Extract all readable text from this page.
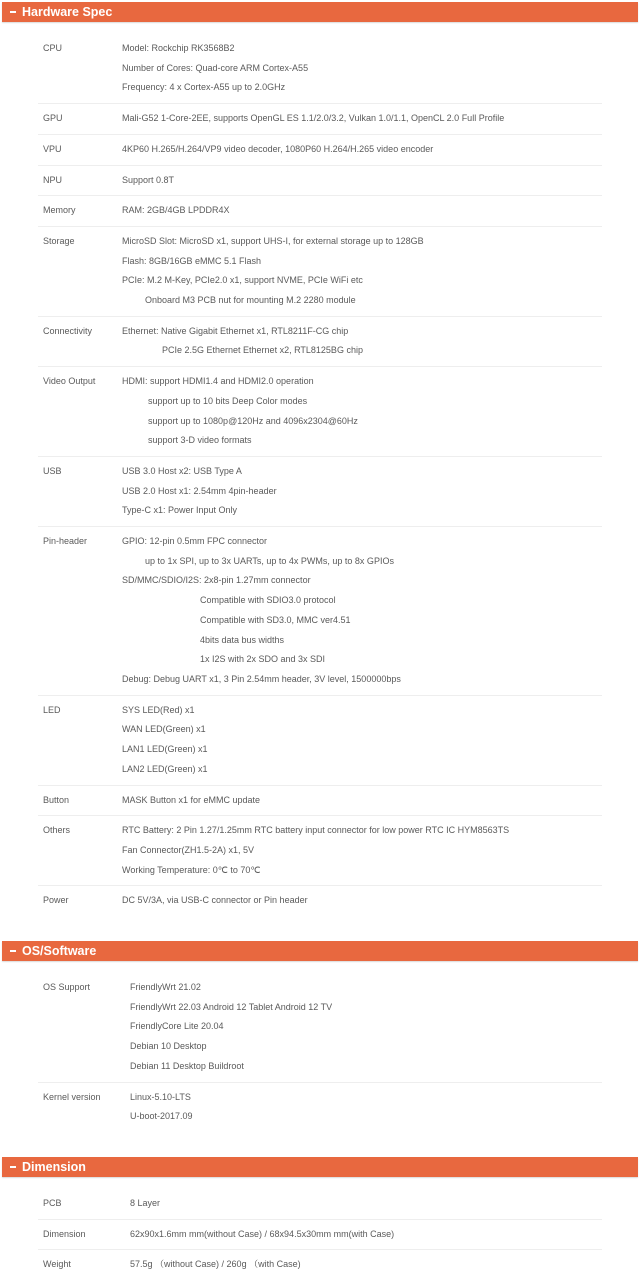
Hardware Spec
CPU	Model: Rockchip RK3568B2
Number of Cores: Quad-core ARM Cortex-A55
Frequency: 4 x Cortex-A55 up to 2.0GHz
GPU	Mali-G52 1-Core-2EE, supports OpenGL ES 1.1/2.0/3.2, Vulkan 1.0/1.1, OpenCL 2.0 Full Profile
VPU	4KP60 H.265/H.264/VP9 video decoder, 1080P60 H.264/H.265 video encoder
NPU	Support 0.8T
Memory	RAM: 2GB/4GB LPDDR4X
Storage	MicroSD Slot: MicroSD x1, support UHS-I, for external storage up to 128GB
Flash: 8GB/16GB eMMC 5.1 Flash
PCIe: M.2 M-Key, PCIe2.0 x1, support NVME, PCIe WiFi etc
Onboard M3 PCB nut for mounting M.2 2280 module
Connectivity	Ethernet: Native Gigabit Ethernet x1, RTL8211F-CG chip
PCIe 2.5G Ethernet Ethernet x2, RTL8125BG chip
Video Output	HDMI: support HDMI1.4 and HDMI2.0 operation
support up to 10 bits Deep Color modes
support up to 1080p@120Hz and 4096x2304@60Hz
support 3-D video formats
USB	USB 3.0 Host x2: USB Type A
USB 2.0 Host x1: 2.54mm 4pin-header
Type-C x1: Power Input Only
Pin-header	GPIO: 12-pin 0.5mm FPC connector
up to 1x SPI, up to 3x UARTs, up to 4x PWMs, up to 8x GPIOs
SD/MMC/SDIO/I2S: 2x8-pin 1.27mm connector
Compatible with SDIO3.0 protocol
Compatible with SD3.0, MMC ver4.51
4bits data bus widths
1x I2S with 2x SDO and 3x SDI
Debug: Debug UART x1, 3 Pin 2.54mm header, 3V level, 1500000bps
LED	SYS LED(Red) x1
WAN LED(Green) x1
LAN1 LED(Green) x1
LAN2 LED(Green) x1
Button	MASK Button x1 for eMMC update
Others	RTC Battery: 2 Pin 1.27/1.25mm RTC battery input connector for low power RTC IC HYM8563TS
Fan Connector(ZH1.5-2A) x1, 5V
Working Temperature: 0℃ to 70℃
Power	DC 5V/3A, via USB-C connector or Pin header
OS/Software
OS Support	FriendlyWrt 21.02
FriendlyWrt 22.03 Android 12 Tablet Android 12 TV
FriendlyCore Lite 20.04
Debian 10 Desktop
Debian 11 Desktop Buildroot
Kernel version	Linux-5.10-LTS
U-boot-2017.09
Dimension
PCB	8 Layer
Dimension	62x90x1.6mm mm(without Case) / 68x94.5x30mm mm(with Case)
Weight	57.5g （without Case) / 260g （with Case)
